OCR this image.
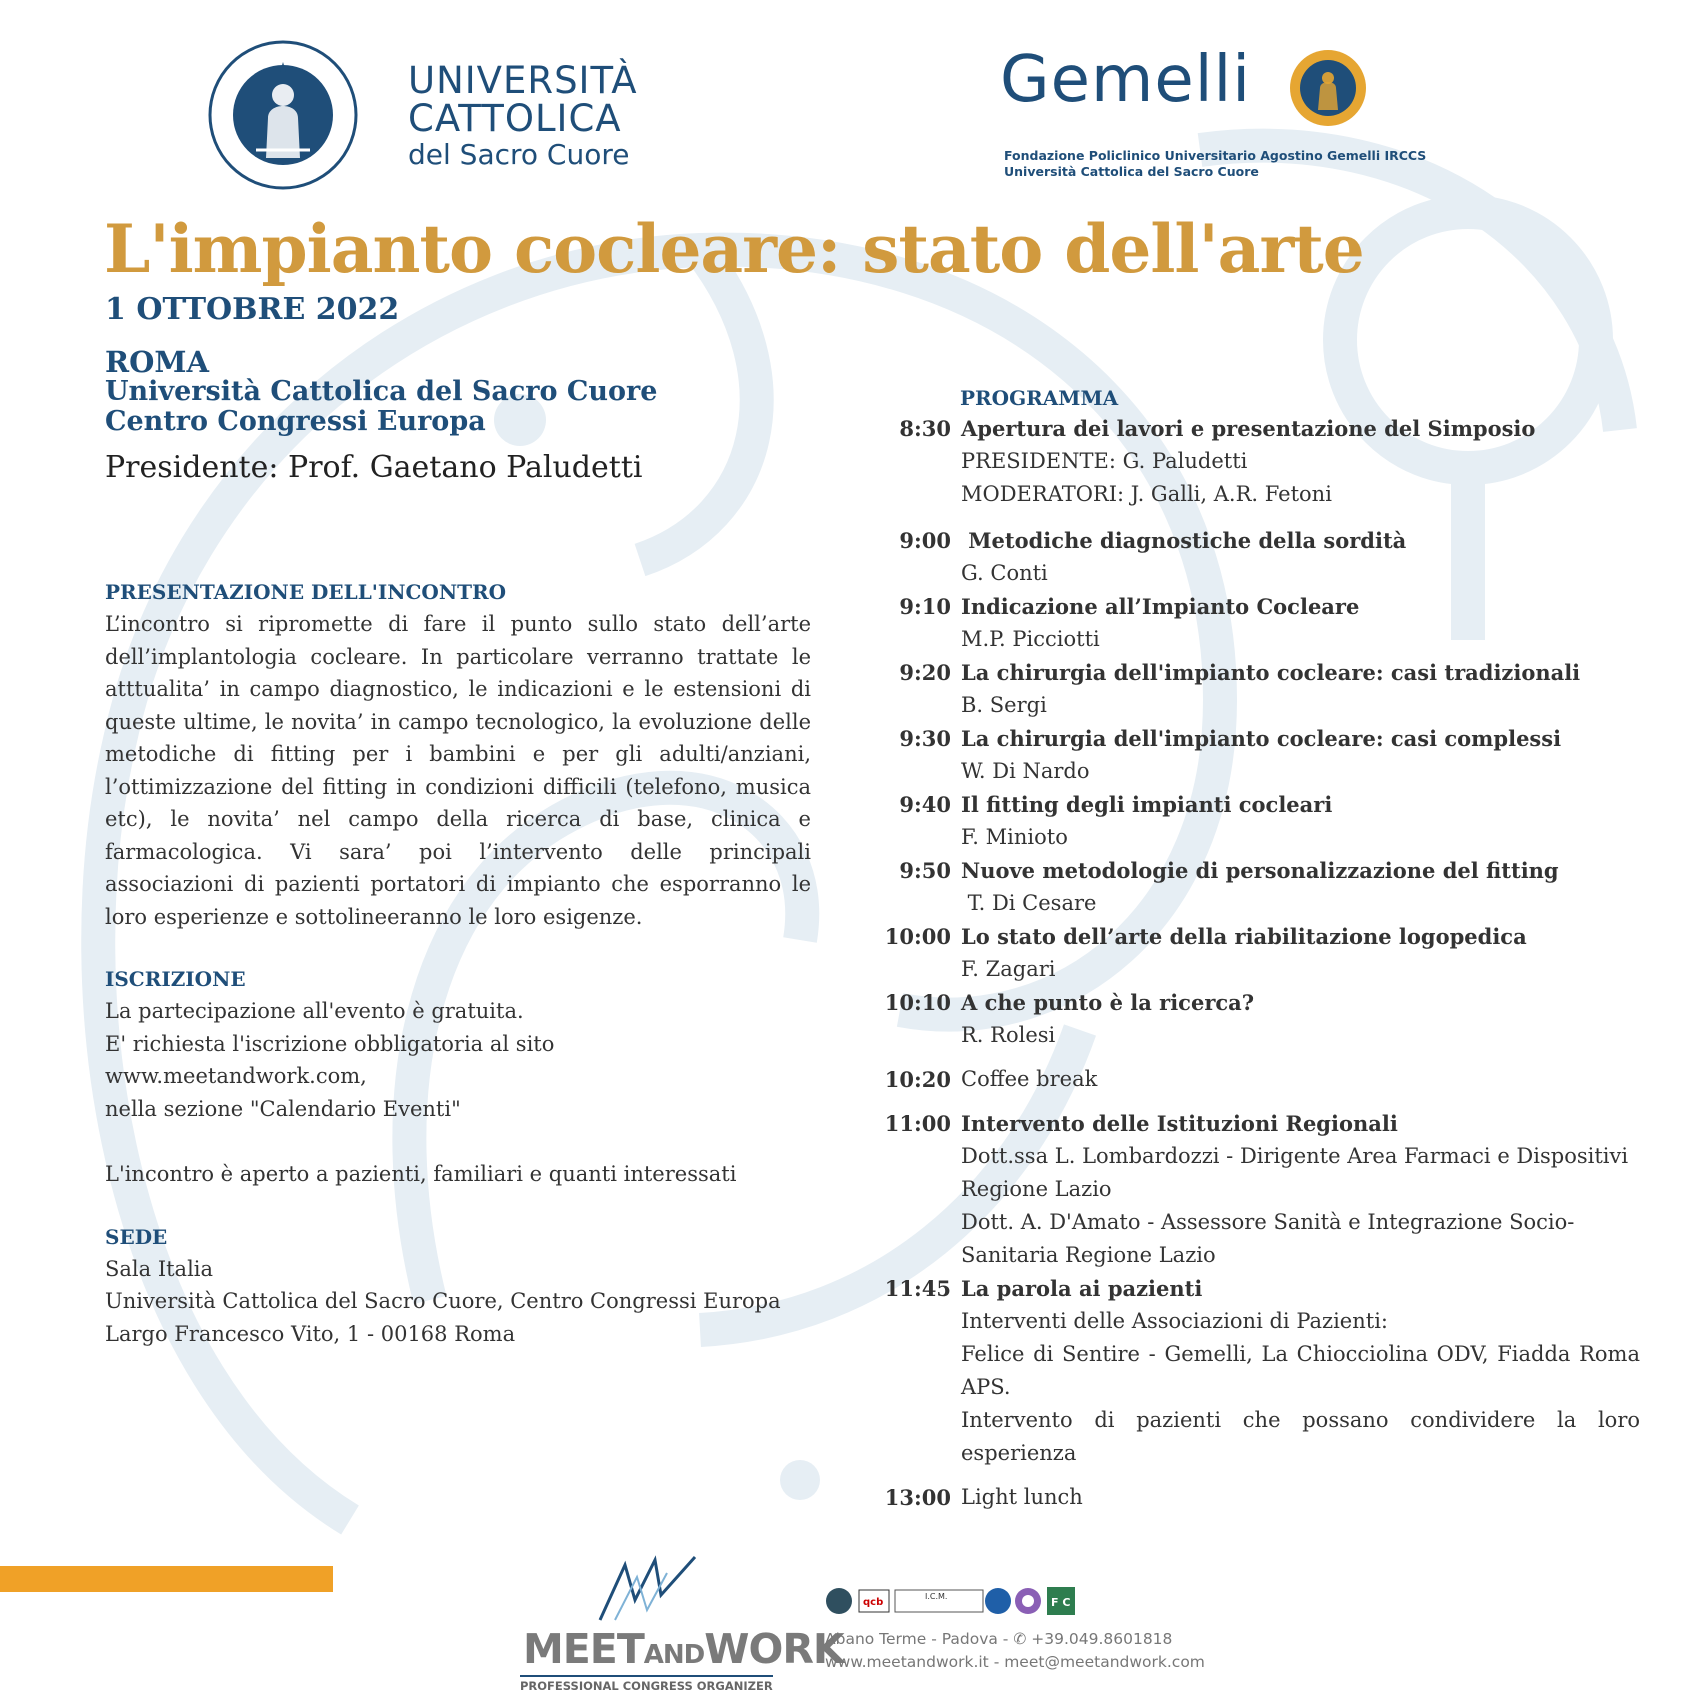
UNIVERSITÀ
CATTOLICA
del Sacro Cuore
Gemelli
Fondazione Policlinico Universitario Agostino Gemelli IRCCS
Università Cattolica del Sacro Cuore
L'impianto cocleare: stato dell'arte
1 OTTOBRE 2022
ROMA
Università Cattolica del Sacro Cuore
Centro Congressi Europa
Presidente: Prof. Gaetano Paludetti
PRESENTAZIONE DELL'INCONTRO
L’incontro si ripromette di fare il punto sullo stato dell’arte dell’implantologia cocleare. In particolare verranno trattate le atttualita’ in campo diagnostico, le indicazioni e le estensioni di queste ultime, le novita’ in campo tecnologico, la evoluzione delle metodiche di fitting per i bambini e per gli adulti/anziani, l’ottimizzazione del fitting in condizioni difficili (telefono, musica etc), le novita’ nel campo della ricerca di base, clinica e farmacologica. Vi sara’ poi l’intervento delle principali associazioni di pazienti portatori di impianto che esporranno le loro esperienze e sottolineeranno le loro esigenze.
ISCRIZIONE
La partecipazione all'evento è gratuita.
E' richiesta l'iscrizione obbligatoria al sito www.meetandwork.com,
nella sezione "Calendario Eventi"
L'incontro è aperto a pazienti, familiari e quanti interessati
SEDE
Sala Italia
Università Cattolica del Sacro Cuore, Centro Congressi Europa
Largo Francesco Vito, 1 - 00168 Roma
PROGRAMMA
8:30 Apertura dei lavori e presentazione del Simposio
PRESIDENTE: G. Paludetti
MODERATORI: J. Galli, A.R. Fetoni
9:00 Metodiche diagnostiche della sordità
G. Conti
9:10 Indicazione all’Impianto Cocleare
M.P. Picciotti
9:20 La chirurgia dell'impianto cocleare: casi tradizionali
B. Sergi
9:30 La chirurgia dell'impianto cocleare: casi complessi
W. Di Nardo
9:40 Il fitting degli impianti cocleari
F. Minioto
9:50 Nuove metodologie di personalizzazione del fitting
T. Di Cesare
10:00 Lo stato dell’arte della riabilitazione logopedica
F. Zagari
10:10 A che punto è la ricerca?
R. Rolesi
10:20 Coffee break
11:00 Intervento delle Istituzioni Regionali
Dott.ssa L. Lombardozzi - Dirigente Area Farmaci e Dispositivi Regione Lazio
Dott. A. D'Amato - Assessore Sanità e Integrazione Socio-Sanitaria Regione Lazio
11:45 La parola ai pazienti
Interventi delle Associazioni di Pazienti:
Felice di Sentire - Gemelli, La Chiocciolina ODV, Fiadda Roma APS.
Intervento di pazienti che possano condividere la loro esperienza
13:00 Light lunch
MEETANDWORK
PROFESSIONAL CONGRESS ORGANIZER
qcb
I.C.M.	F C
Abano Terme - Padova - ✆ +39.049.8601818
www.meetandwork.it - meet@meetandwork.com
